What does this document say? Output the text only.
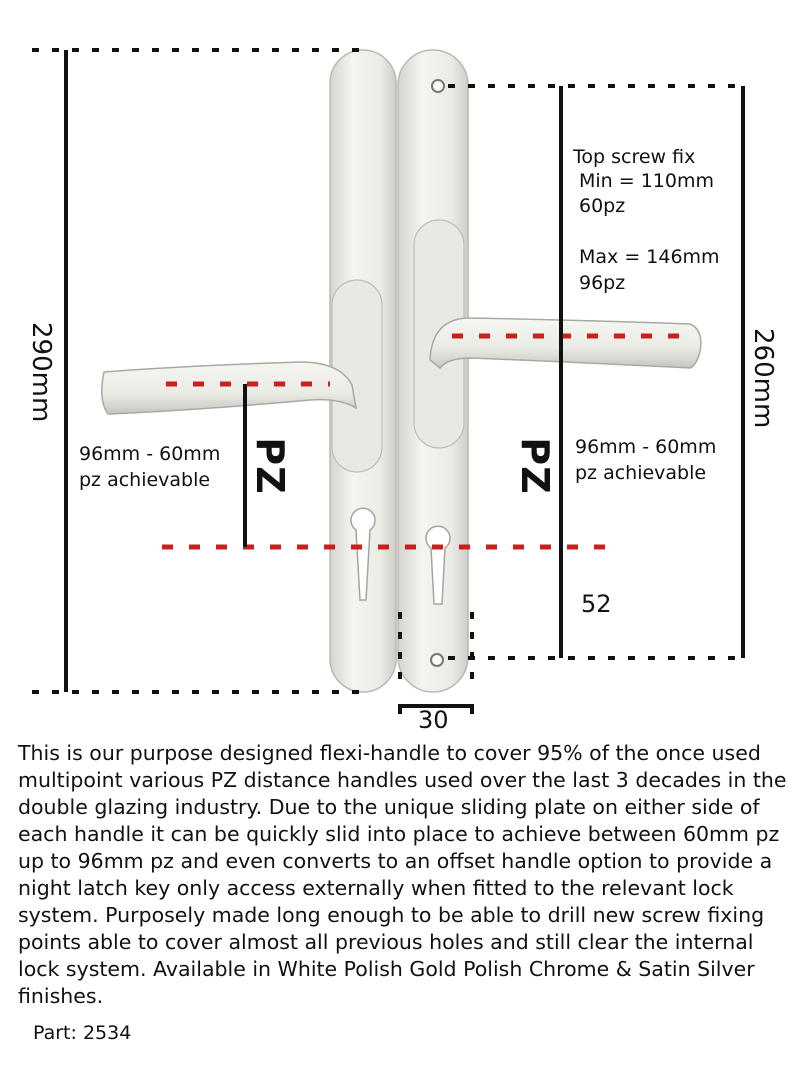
290mm	260mm
Top screw fix
Min = 110mm
60pz
Max = 146mm
96pz
96mm - 60mm
pz achievable
96mm - 60mm
pz achievable
PZ	PZ
52
30

This is our purpose designed flexi-handle to cover 95% of the once used multipoint various PZ distance handles used over the last 3 decades in the double glazing industry. Due to the unique sliding plate on either side of each handle it can be quickly slid into place to achieve between 60mm pz up to 96mm pz and even converts to an offset handle option to provide a night latch key only access externally when fitted to the relevant lock system. Purposely made long enough to be able to drill new screw fixing points able to cover almost all previous holes and still clear the internal lock system. Available in White Polish Gold Polish Chrome & Satin Silver finishes.

Part: 2534
